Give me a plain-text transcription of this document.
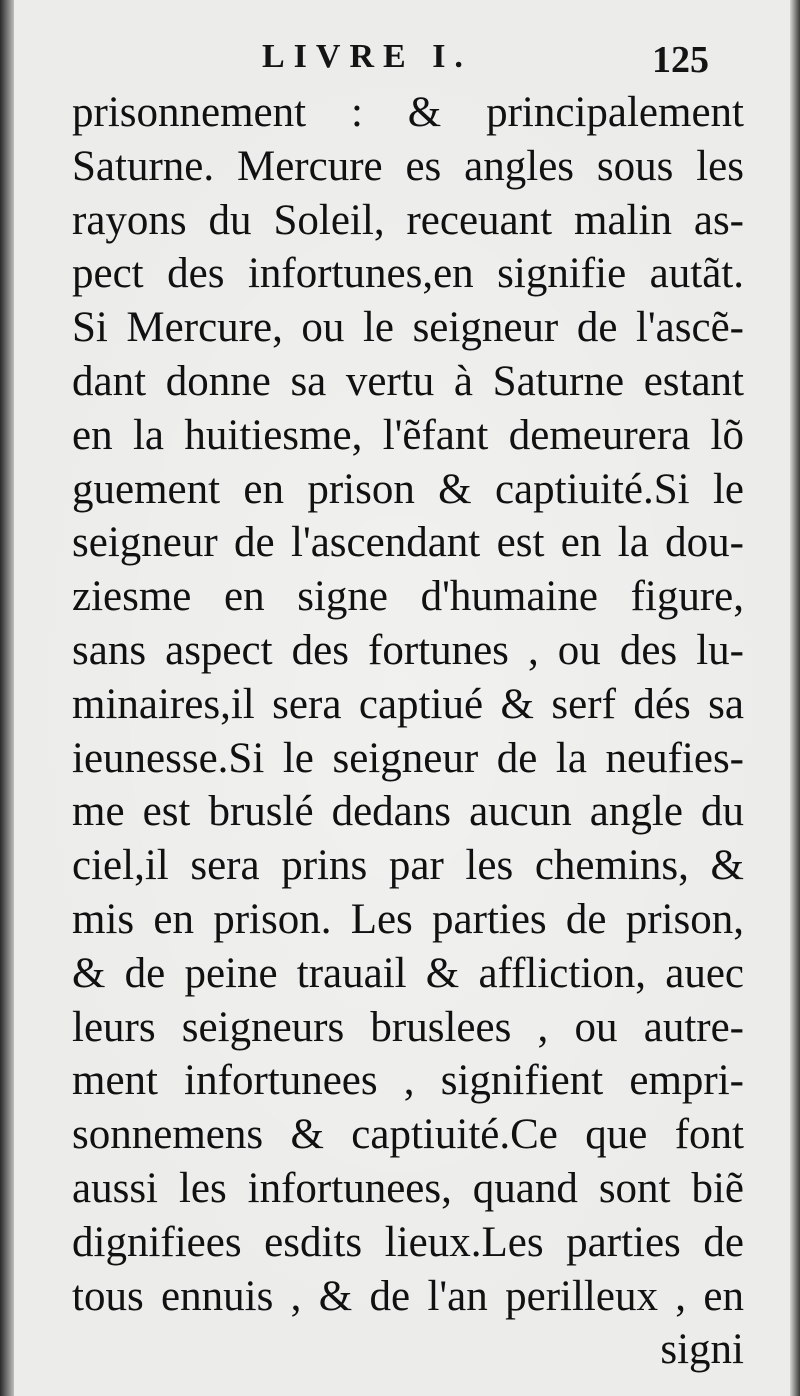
LIVRE I.	125
prisonnement : & principalement
Saturne. Mercure es angles sous les
rayons du Soleil, receuant malin as-
pect des infortunes,en signifie autãt.
Si Mercure, ou le seigneur de l'ascẽ-
dant donne sa vertu à Saturne estant
en la huitiesme, l'ẽfant demeurera lõ
guement en prison & captiuité.Si le
seigneur de l'ascendant est en la dou-
ziesme en signe d'humaine figure,
sans aspect des fortunes , ou des lu-
minaires,il sera captiué & serf dés sa
ieunesse.Si le seigneur de la neufies-
me est bruslé dedans aucun angle du
ciel,il sera prins par les chemins, &
mis en prison. Les parties de prison,
& de peine trauail & affliction, auec
leurs seigneurs bruslees , ou autre-
ment infortunees , signifient empri-
sonnemens & captiuité.Ce que font
aussi les infortunees, quand sont biẽ
dignifiees esdits lieux.Les parties de
tous ennuis , & de l'an perilleux , en
signi
